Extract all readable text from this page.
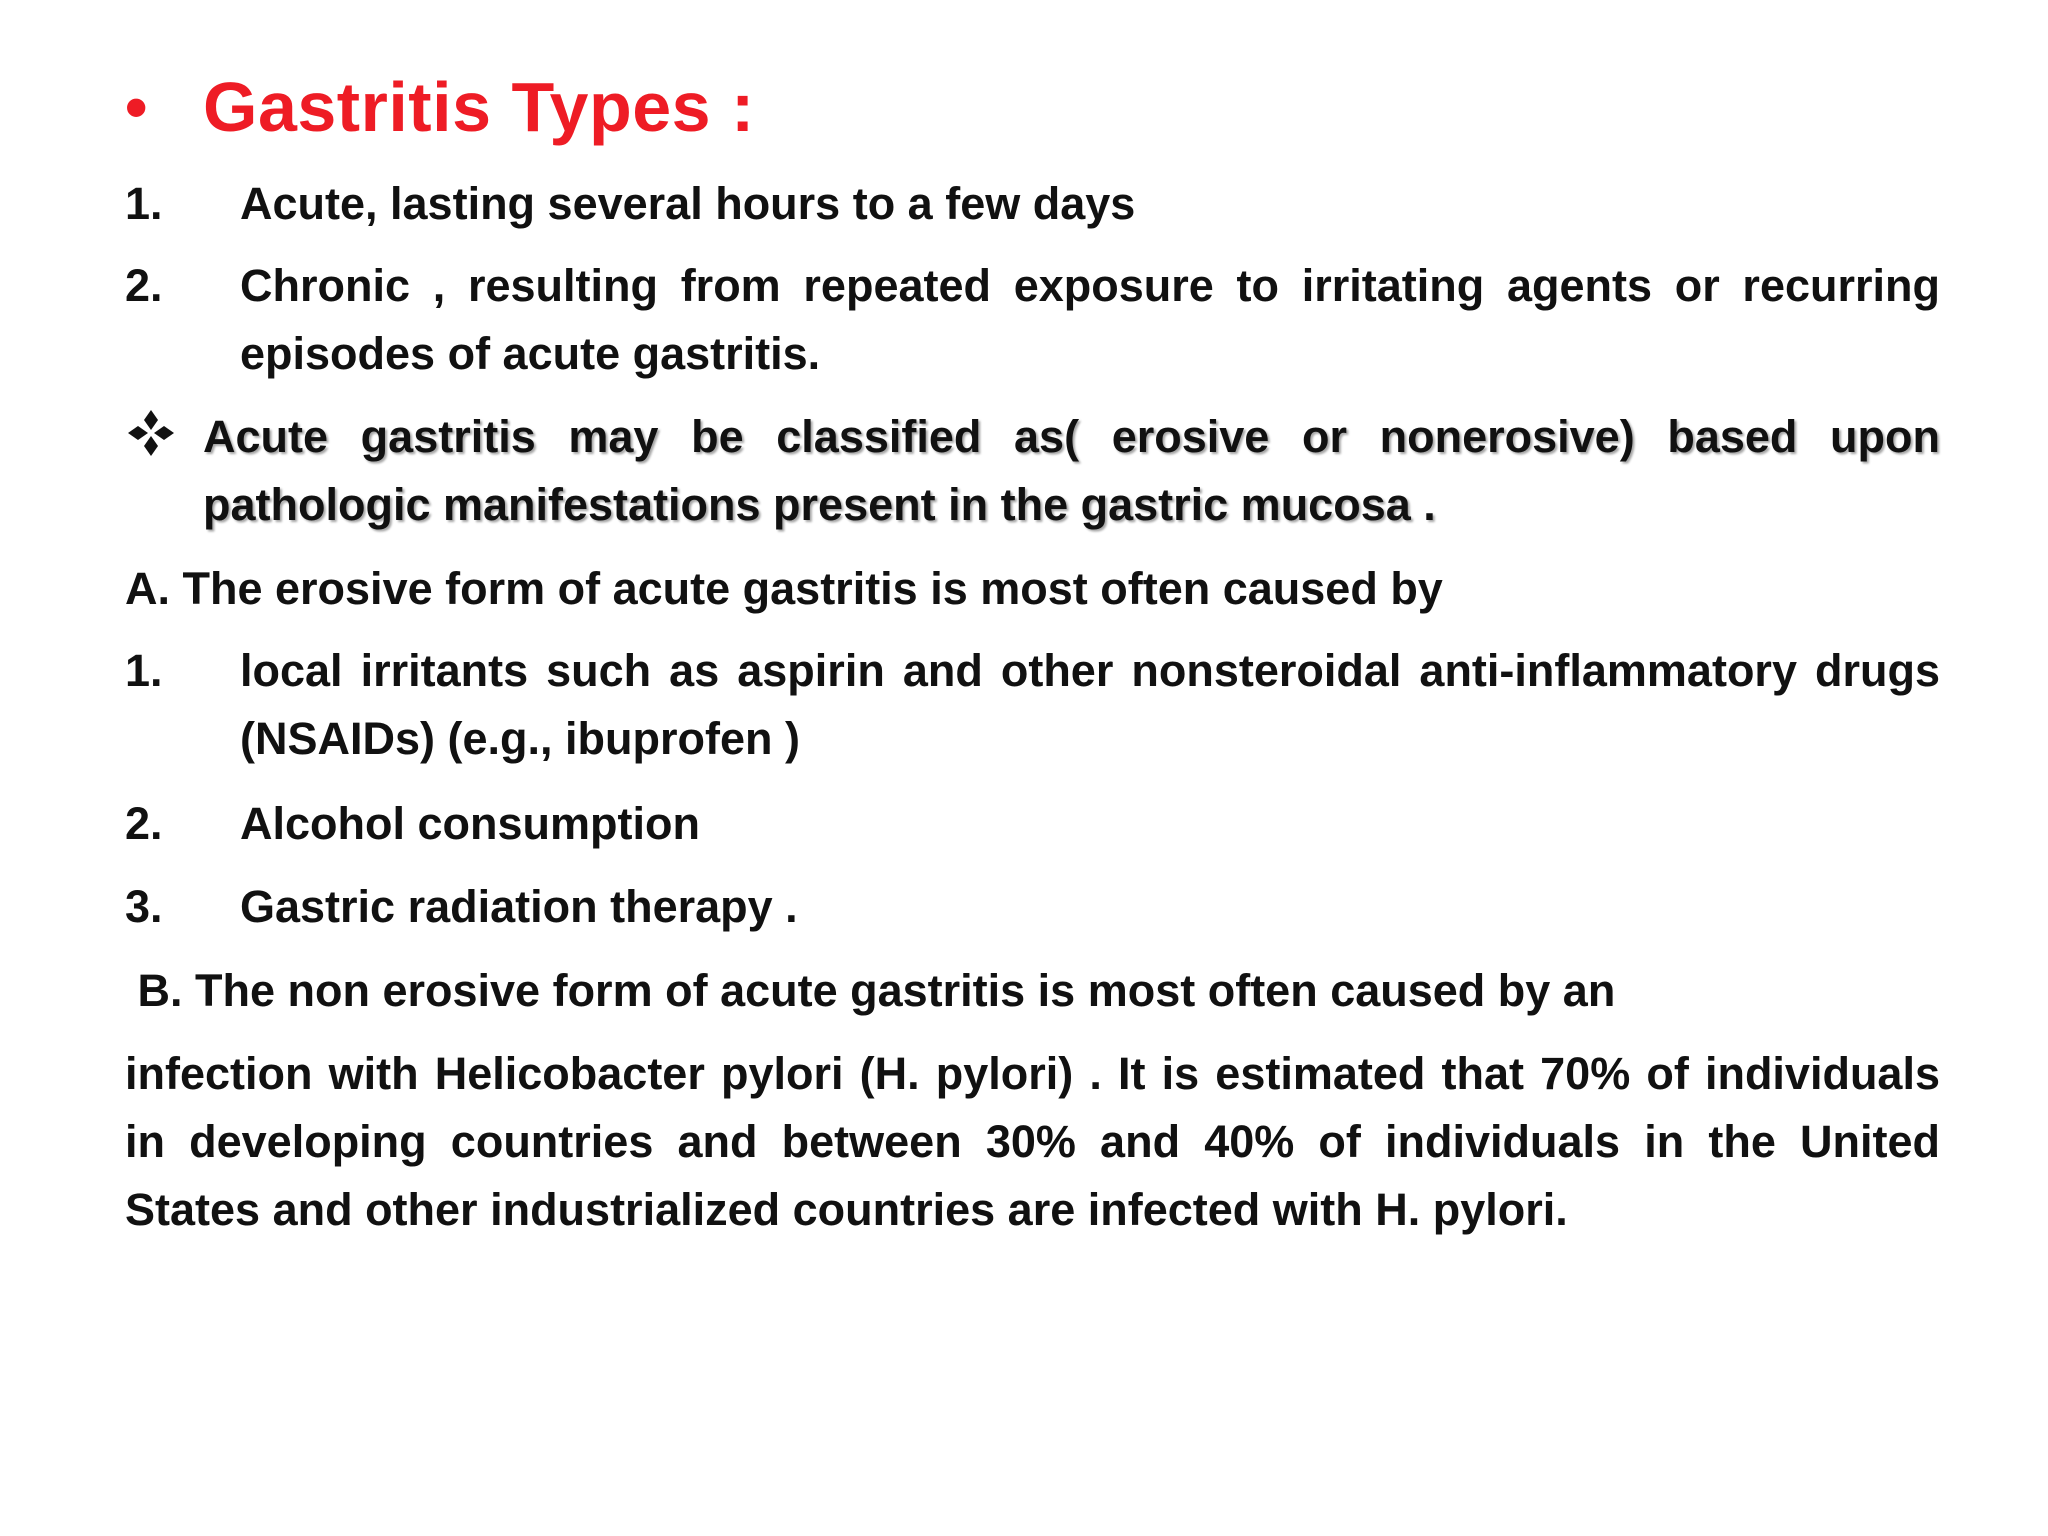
• Gastritis Types :
1. Acute, lasting several hours to a few days
2. Chronic , resulting from repeated exposure to irritating agents or recurring episodes of acute gastritis.
Acute gastritis may be classified as( erosive or nonerosive) based upon pathologic manifestations present in the gastric mucosa .
A. The erosive form of acute gastritis is most often caused by
1. local irritants such as aspirin and other nonsteroidal anti-inflammatory drugs (NSAIDs) (e.g., ibuprofen )
2. Alcohol consumption
3. Gastric radiation therapy .
B. The non erosive form of acute gastritis is most often caused by an
infection with Helicobacter pylori (H. pylori) . It is estimated that 70% of individuals in developing countries and between 30% and 40% of individuals in the United States and other industrialized countries are infected with H. pylori.
